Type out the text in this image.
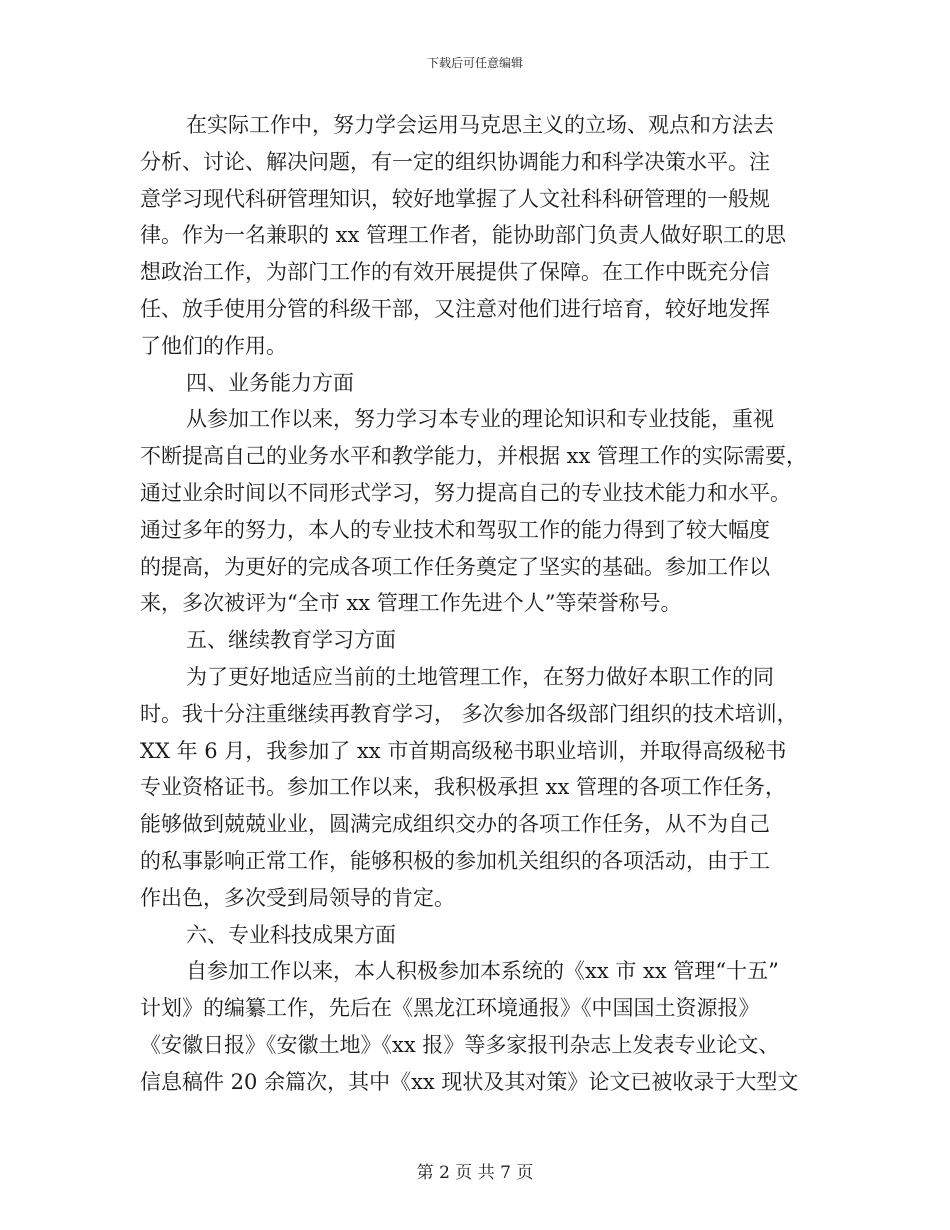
下载后可任意编辑
在实际工作中，努力学会运用马克思主义的立场、观点和方法去
分析、讨论、解决问题，有一定的组织协调能力和科学决策水平。注
意学习现代科研管理知识，较好地掌握了人文社科科研管理的一般规
律。作为一名兼职的 xx 管理工作者，能协助部门负责人做好职工的思
想政治工作，为部门工作的有效开展提供了保障。在工作中既充分信
任、放手使用分管的科级干部，又注意对他们进行培育，较好地发挥
了他们的作用。
四、业务能力方面
从参加工作以来，努力学习本专业的理论知识和专业技能，重视
不断提高自己的业务水平和教学能力，并根据 xx 管理工作的实际需要，
通过业余时间以不同形式学习，努力提高自己的专业技术能力和水平。
通过多年的努力，本人的专业技术和驾驭工作的能力得到了较大幅度
的提高，为更好的完成各项工作任务奠定了坚实的基础。参加工作以
来，多次被评为“全市 xx 管理工作先进个人”等荣誉称号。
五、继续教育学习方面
为了更好地适应当前的土地管理工作，在努力做好本职工作的同
时。我十分注重继续再教育学习， 多次参加各级部门组织的技术培训，
XX 年 6 月，我参加了 xx 市首期高级秘书职业培训，并取得高级秘书
专业资格证书。参加工作以来，我积极承担 xx 管理的各项工作任务，
能够做到兢兢业业，圆满完成组织交办的各项工作任务，从不为自己
的私事影响正常工作，能够积极的参加机关组织的各项活动，由于工
作出色，多次受到局领导的肯定。
六、专业科技成果方面
自参加工作以来，本人积极参加本系统的《xx 市 xx 管理“十五”
计划》的编纂工作，先后在《黑龙江环境通报》《中国国土资源报》
《安徽日报》《安徽土地》《xx 报》等多家报刊杂志上发表专业论文、
信息稿件 20 余篇次，其中《xx 现状及其对策》论文已被收录于大型文
第 2 页 共 7 页
